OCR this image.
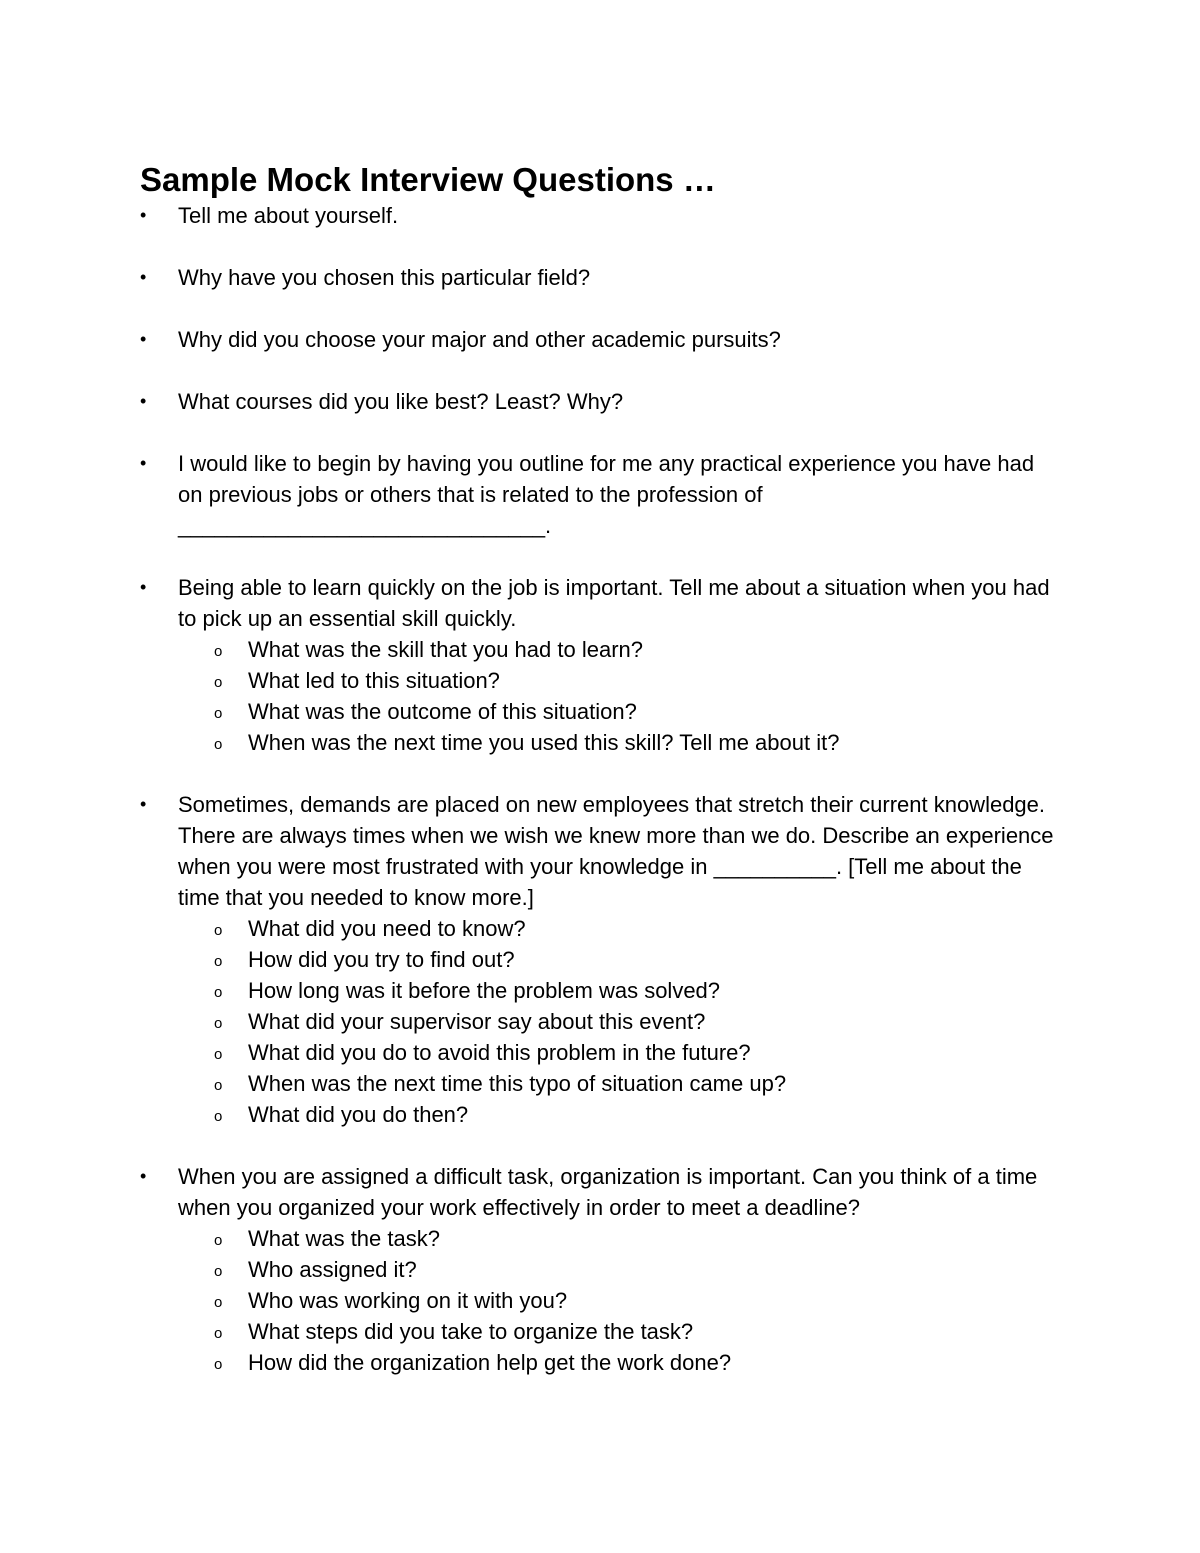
Sample Mock Interview Questions …
• Tell me about yourself.
• Why have you chosen this particular field?
• Why did you choose your major and other academic pursuits?
• What courses did you like best? Least? Why?
• I would like to begin by having you outline for me any practical experience you have had on previous jobs or others that is related to the profession of ______________________________.
• Being able to learn quickly on the job is important. Tell me about a situation when you had to pick up an essential skill quickly.
o What was the skill that you had to learn?
o What led to this situation?
o What was the outcome of this situation?
o When was the next time you used this skill? Tell me about it?
• Sometimes, demands are placed on new employees that stretch their current knowledge. There are always times when we wish we knew more than we do. Describe an experience when you were most frustrated with your knowledge in __________. [Tell me about the time that you needed to know more.]
o What did you need to know?
o How did you try to find out?
o How long was it before the problem was solved?
o What did your supervisor say about this event?
o What did you do to avoid this problem in the future?
o When was the next time this typo of situation came up?
o What did you do then?
• When you are assigned a difficult task, organization is important. Can you think of a time when you organized your work effectively in order to meet a deadline?
o What was the task?
o Who assigned it?
o Who was working on it with you?
o What steps did you take to organize the task?
o How did the organization help get the work done?
